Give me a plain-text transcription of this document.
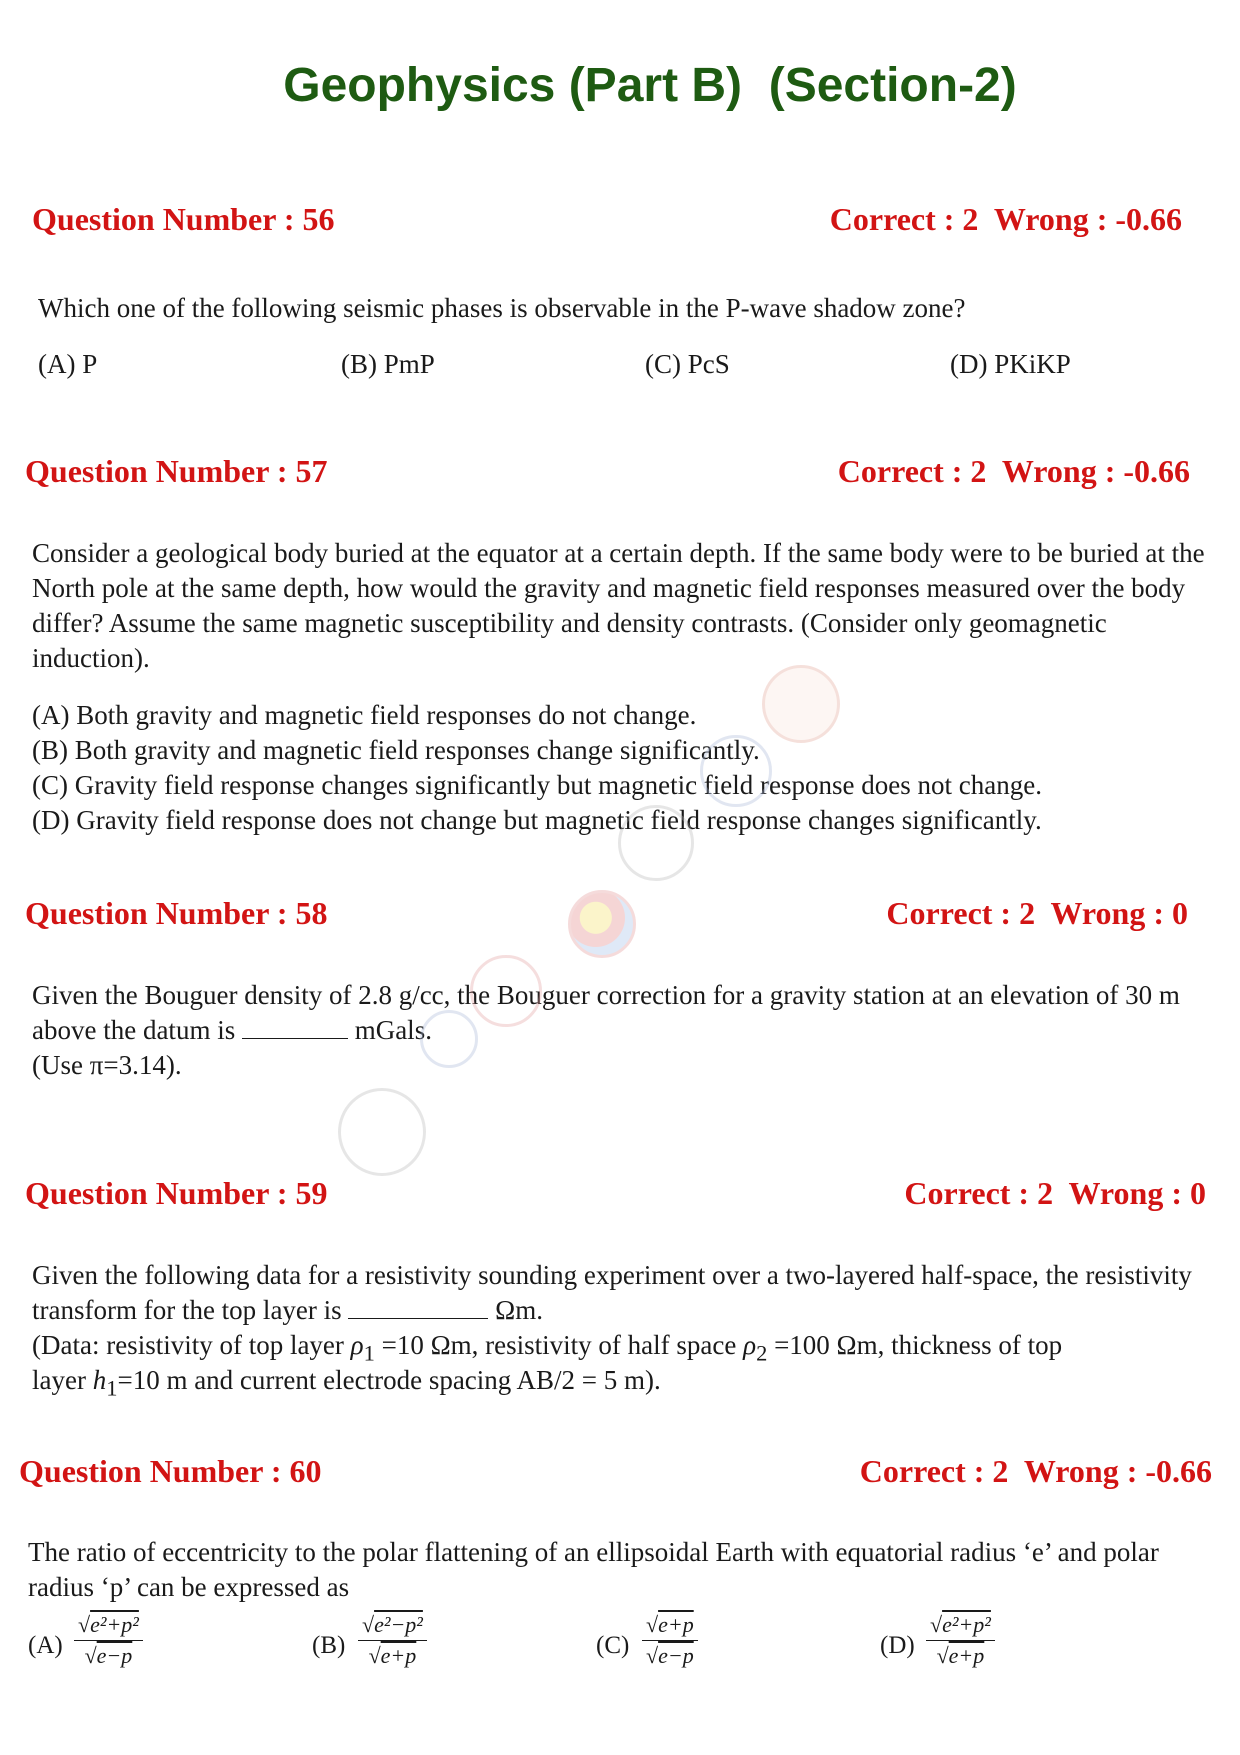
Geophysics (Part B)  (Section-2)

Question Number : 56

	Correct : 2  Wrong : -0.66

Which one of the following seismic phases is observable in the P-wave shadow zone?

(A) P	(B) PmP	(C) PcS	(D) PKiKP

Question Number : 57

	Correct : 2  Wrong : -0.66

Consider a geological body buried at the equator at a certain depth. If the same body were to be buried at the North pole at the same depth, how would the gravity and magnetic field responses measured over the body differ? Assume the same magnetic susceptibility and density contrasts. (Consider only geomagnetic induction).

(A) Both gravity and magnetic field responses do not change.
(B) Both gravity and magnetic field responses change significantly.
(C) Gravity field response changes significantly but magnetic field response does not change.
(D) Gravity field response does not change but magnetic field response changes significantly.

Question Number : 58

	Correct : 2  Wrong : 0

Given the Bouguer density of 2.8 g/cc, the Bouguer correction for a gravity station at an elevation of 30 m above the datum is	mGals.

(Use π=3.14).

Question Number : 59

	Correct : 2  Wrong : 0

Given the following data for a resistivity sounding experiment over a two-layered half-space, the resistivity transform for the top layer is	Ωm.

(Data: resistivity of top layer $\rho_1 =10$ Ωm, resistivity of half space $\rho_2 =100$ Ωm, thickness of top
layer $h_1=10$ m and current electrode spacing AB/2 = 5 m).

Question Number : 60

	Correct : 2  Wrong : -0.66

The ratio of eccentricity to the polar flattening of an ellipsoidal Earth with equatorial radius ‘e’ and polar radius ‘p’ can be expressed as

$(A) \frac{\text{√e²+p²}}{√e-p}$	$(B) \frac{\text{√e²−p²}}{√e+p}$	$(C) \frac{√e+p}{√e-p}$	$(D) \frac{\text{√e²+p²}}{√e+p}$
